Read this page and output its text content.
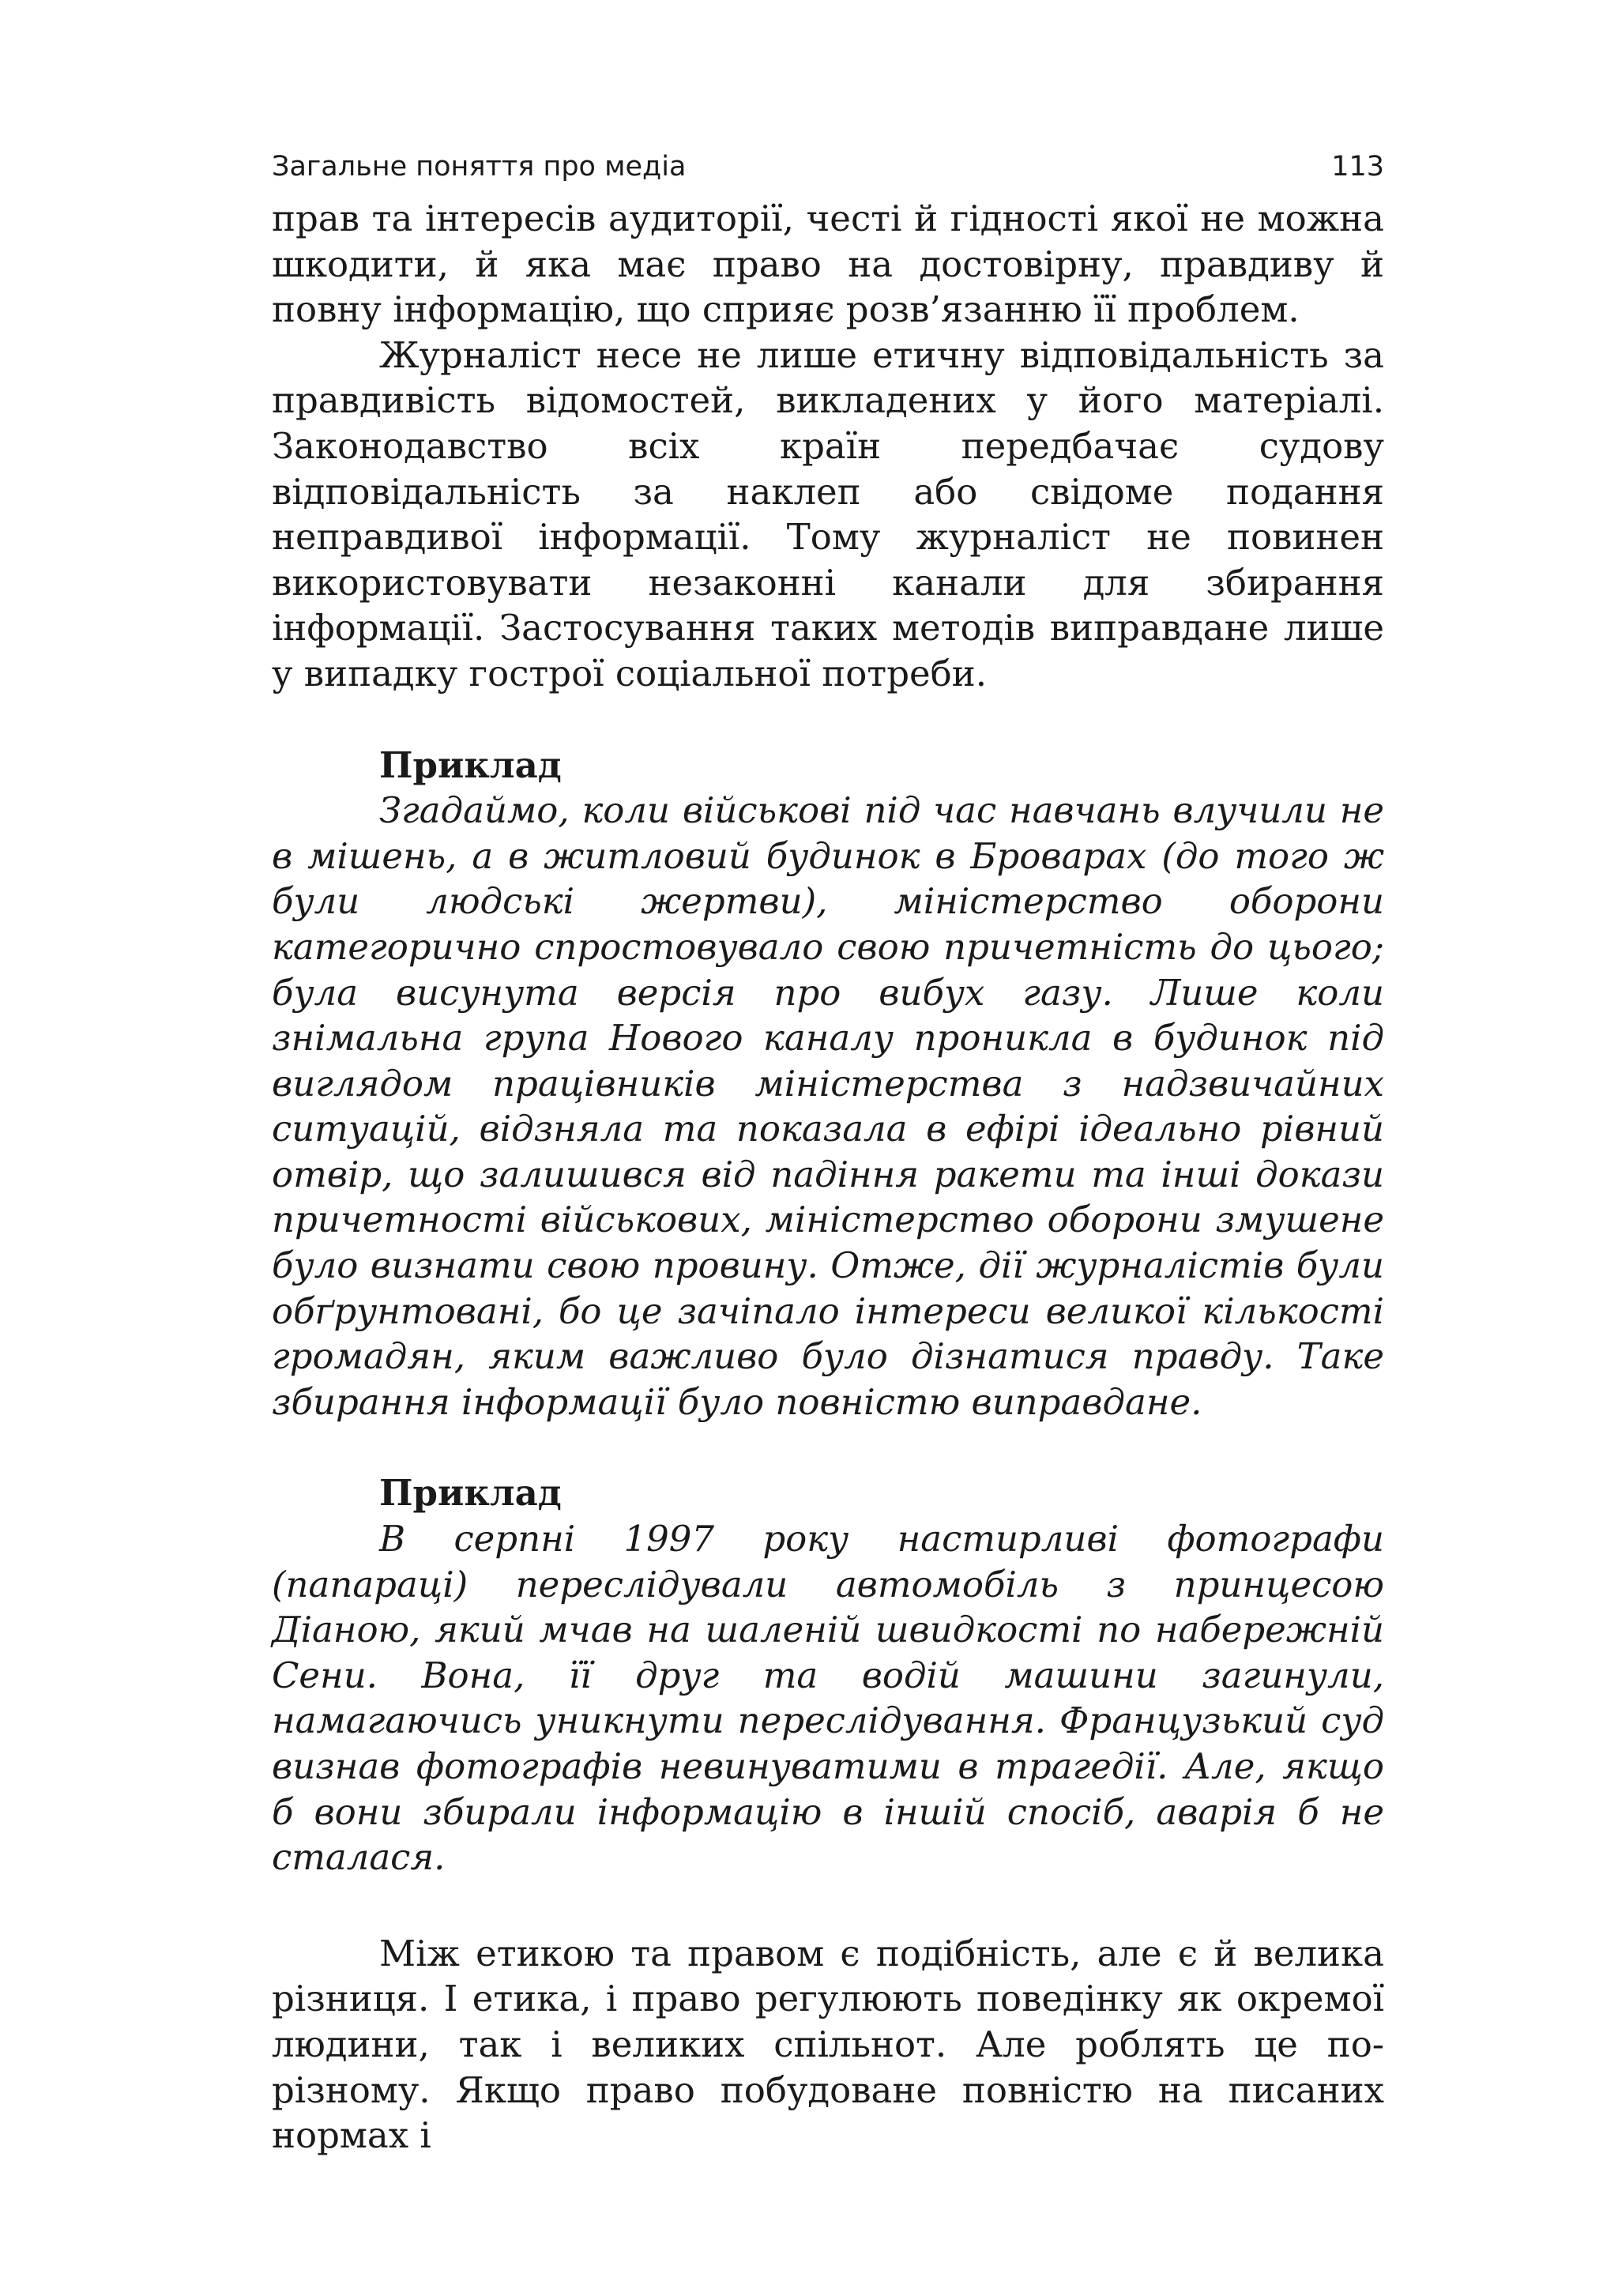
Загальне поняття про медіа	113

прав та інтересів аудиторії, честі й гідності якої не можна шкодити, й яка має право на достовірну, правдиву й повну інформацію, що сприяє розв’язанню її проблем.

Журналіст несе не лише етичну відповідальність за правдивість відомостей, викладених у його матеріалі. Законодавство всіх країн передбачає судову відповідальність за наклеп або свідоме подання неправдивої інформації. Тому журналіст не повинен використовувати незаконні канали для збирання інформації. Застосування таких методів виправдане лише у випадку гострої соціальної потреби.

Приклад

Згадаймо, коли військові під час навчань влучили не в мішень, а в житловий будинок в Броварах (до того ж були людські жертви), міністерство оборони категорично спростовувало свою причетність до цього; була висунута версія про вибух газу. Лише коли знімальна група Нового каналу проникла в будинок під виглядом працівників міністерства з надзвичайних ситуацій, відзняла та показала в ефірі ідеально рівний отвір, що залишився від падіння ракети та інші докази причетності військових, міністерство оборони змушене було визнати свою провину. Отже, дії журналістів були обґрунтовані, бо це зачіпало інтереси великої кількості громадян, яким важливо було дізнатися правду. Таке збирання інформації було повністю виправдане.

Приклад

В серпні 1997 року настирливі фотографи (папараці) переслідували автомобіль з принцесою Діаною, який мчав на шаленій швидкості по набережній Сени. Вона, її друг та водій машини загинули, намагаючись уникнути переслідування. Французький суд визнав фотографів невинуватими в трагедії. Але, якщо б вони збирали інформацію в іншій спосіб, аварія б не сталася.

Між етикою та правом є подібність, але є й велика різниця. І етика, і право регулюють поведінку як окремої людини, так і великих спільнот. Але роблять це по-різному. Якщо право побудоване повністю на писаних нормах і
